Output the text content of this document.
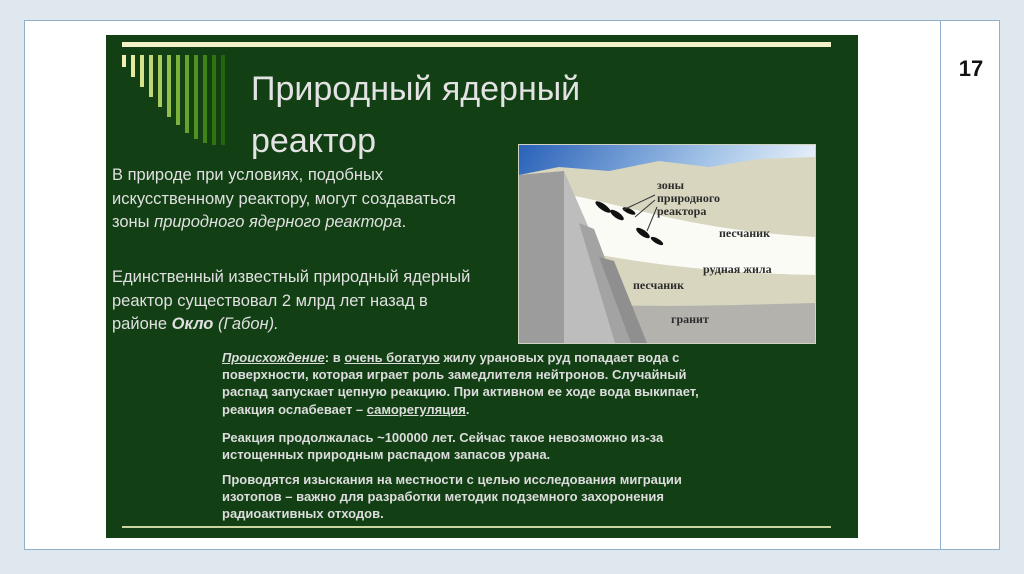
17
Природный ядерный
реактор

В природе при условиях, подобных искусственному реактору, могут создаваться зоны природного ядерного реактора.

Единственный известный природный ядерный реактор существовал 2 млрд лет назад в районе Окло (Габон).

зоны
природного
реактора
песчаник
рудная жила
песчаник
гранит

Происхождение: в очень богатую жилу урановых руд попадает вода с поверхности, которая играет роль замедлителя нейтронов. Случайный распад запускает цепную реакцию. При активном ее ходе вода выкипает, реакция ослабевает – саморегуляция.

Реакция продолжалась ~100000 лет. Сейчас такое невозможно из-за истощенных природным распадом запасов урана.

Проводятся изыскания на местности с целью исследования миграции изотопов – важно для разработки методик подземного захоронения радиоактивных отходов.
